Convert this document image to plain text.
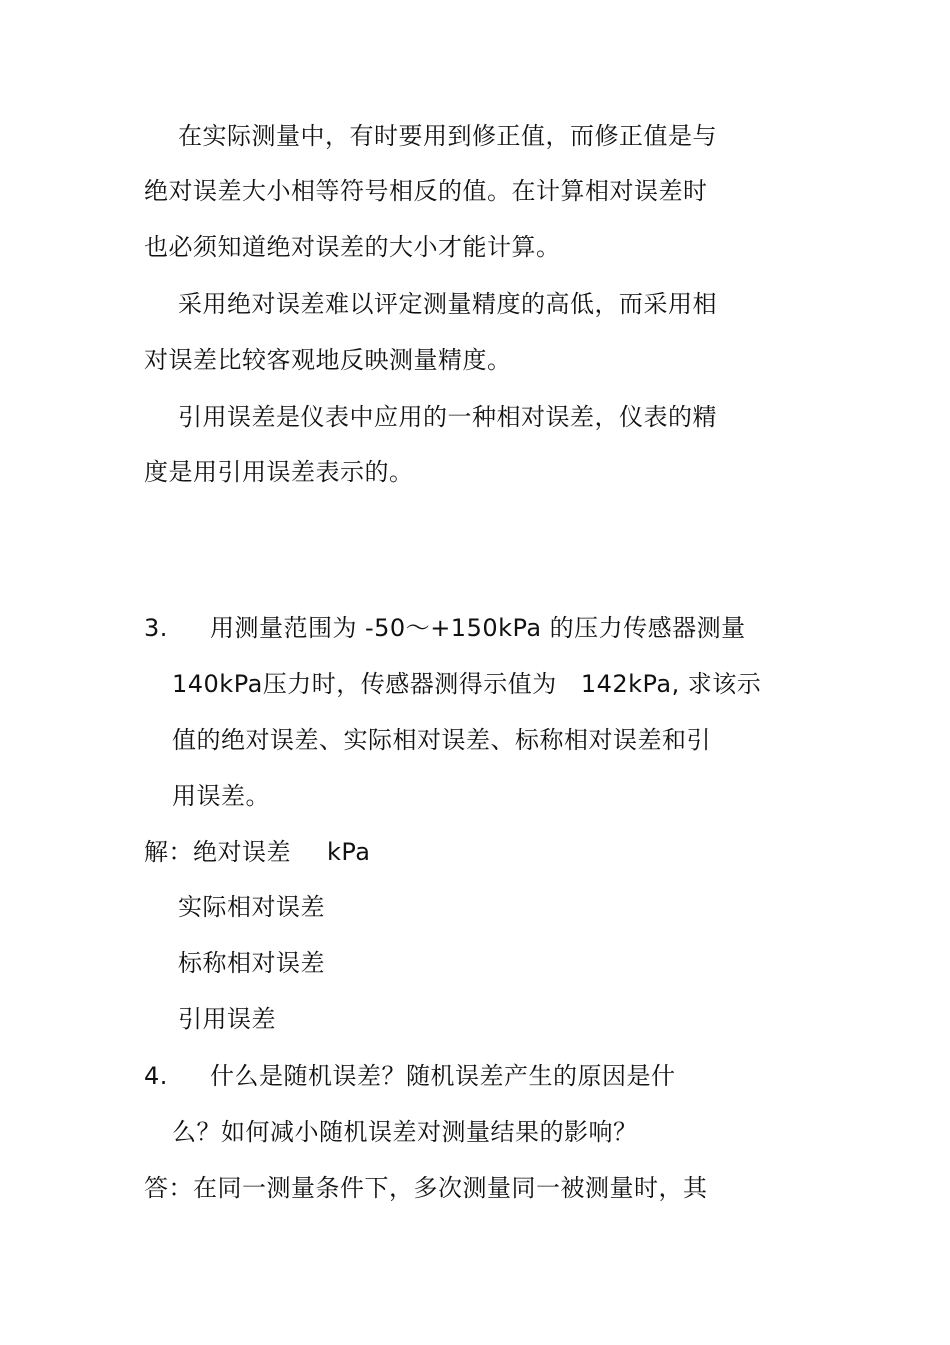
在实际测量中，有时要用到修正值，而修正值是与
绝对误差大小相等符号相反的值。在计算相对误差时
也必须知道绝对误差的大小才能计算。
采用绝对误差难以评定测量精度的高低，而采用相
对误差比较客观地反映测量精度。
引用误差是仪表中应用的一种相对误差，仪表的精
度是用引用误差表示的。
3. 用测量范围为 -50～+150kPa 的压力传感器测量
140kPa压力时，传感器测得示值为 142kPa, 求该示
值的绝对误差、实际相对误差、标称相对误差和引
用误差。
解：绝对误差 kPa
实际相对误差
标称相对误差
引用误差
4. 什么是随机误差？随机误差产生的原因是什
么？如何减小随机误差对测量结果的影响？
答：在同一测量条件下，多次测量同一被测量时，其
